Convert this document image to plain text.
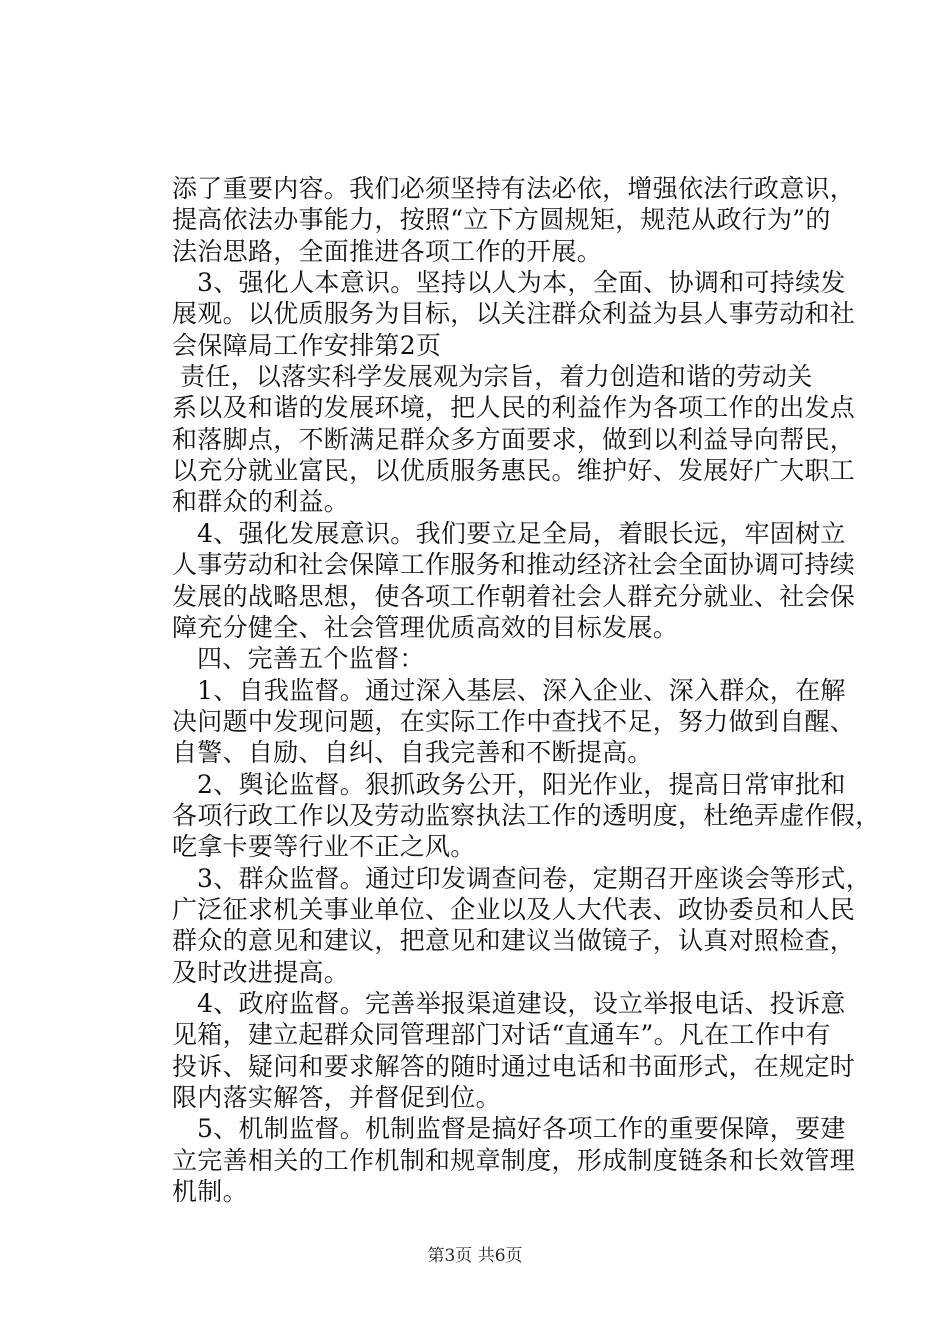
添了重要内容。我们必须坚持有法必依，增强依法行政意识，
提高依法办事能力，按照“立下方圆规矩，规范从政行为”的
法治思路，全面推进各项工作的开展。
3、强化人本意识。坚持以人为本，全面、协调和可持续发
展观。以优质服务为目标，以关注群众利益为县人事劳动和社
会保障局工作安排第2页
责任，以落实科学发展观为宗旨，着力创造和谐的劳动关
系以及和谐的发展环境，把人民的利益作为各项工作的出发点
和落脚点，不断满足群众多方面要求，做到以利益导向帮民，
以充分就业富民，以优质服务惠民。维护好、发展好广大职工
和群众的利益。
4、强化发展意识。我们要立足全局，着眼长远，牢固树立
人事劳动和社会保障工作服务和推动经济社会全面协调可持续
发展的战略思想，使各项工作朝着社会人群充分就业、社会保
障充分健全、社会管理优质高效的目标发展。
四、完善五个监督：
1、自我监督。通过深入基层、深入企业、深入群众，在解
决问题中发现问题，在实际工作中查找不足，努力做到自醒、
自警、自励、自纠、自我完善和不断提高。
2、舆论监督。狠抓政务公开，阳光作业，提高日常审批和
各项行政工作以及劳动监察执法工作的透明度，杜绝弄虚作假，
吃拿卡要等行业不正之风。
3、群众监督。通过印发调查问卷，定期召开座谈会等形式，
广泛征求机关事业单位、企业以及人大代表、政协委员和人民
群众的意见和建议，把意见和建议当做镜子，认真对照检查，
及时改进提高。
4、政府监督。完善举报渠道建设，设立举报电话、投诉意
见箱，建立起群众同管理部门对话“直通车”。凡在工作中有
投诉、疑问和要求解答的随时通过电话和书面形式，在规定时
限内落实解答，并督促到位。
5、机制监督。机制监督是搞好各项工作的重要保障，要建
立完善相关的工作机制和规章制度，形成制度链条和长效管理
机制。
第3页 共6页
